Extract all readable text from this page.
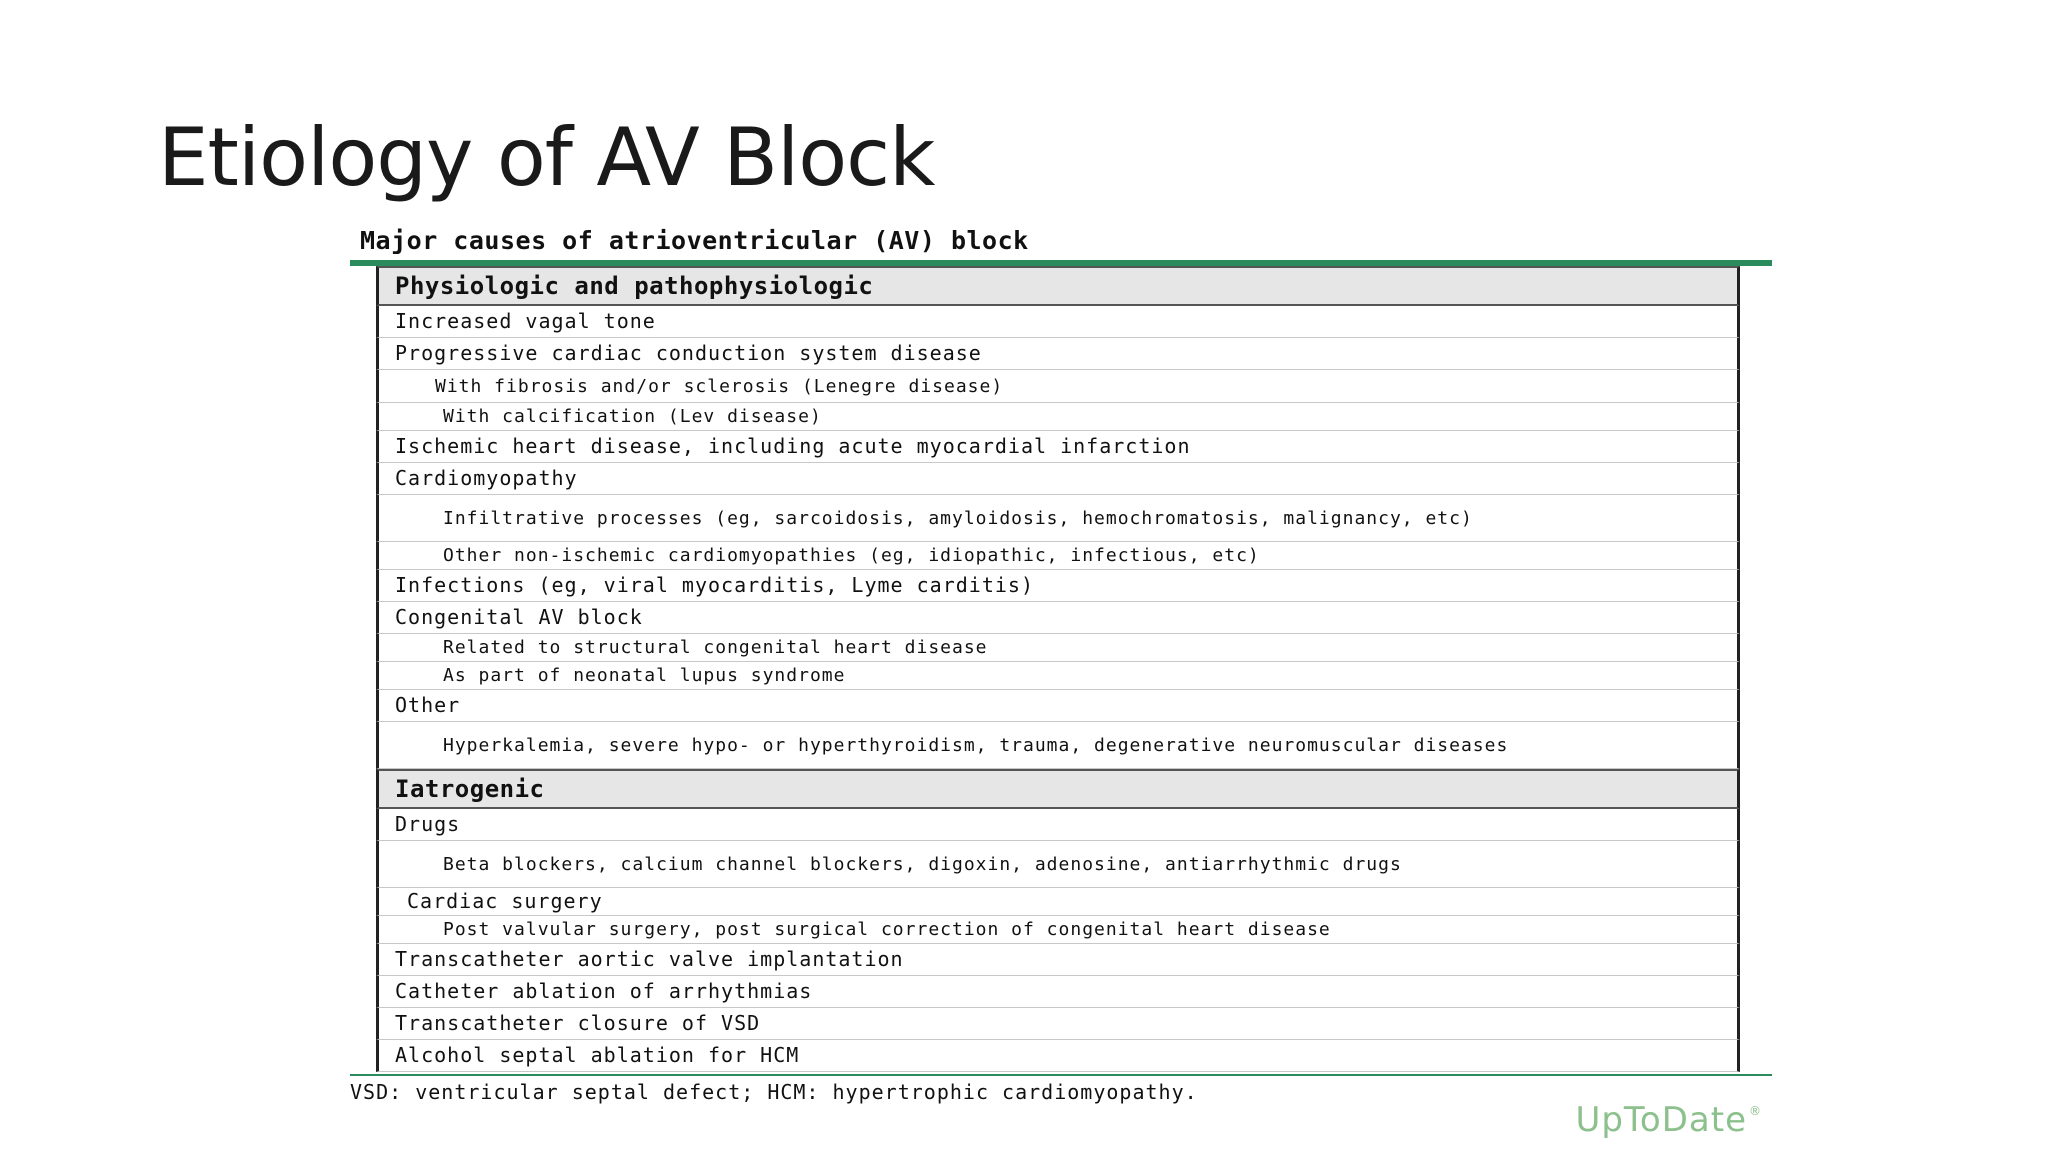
Etiology of AV Block
Major causes of atrioventricular (AV) block
Physiologic and pathophysiologic
Increased vagal tone
Progressive cardiac conduction system disease
With fibrosis and/or sclerosis (Lenegre disease)
With calcification (Lev disease)
Ischemic heart disease, including acute myocardial infarction
Cardiomyopathy
Infiltrative processes (eg, sarcoidosis, amyloidosis, hemochromatosis, malignancy, etc)
Other non-ischemic cardiomyopathies (eg, idiopathic, infectious, etc)
Infections (eg, viral myocarditis, Lyme carditis)
Congenital AV block
Related to structural congenital heart disease
As part of neonatal lupus syndrome
Other
Hyperkalemia, severe hypo- or hyperthyroidism, trauma, degenerative neuromuscular diseases
Iatrogenic
Drugs
Beta blockers, calcium channel blockers, digoxin, adenosine, antiarrhythmic drugs
Cardiac surgery
Post valvular surgery, post surgical correction of congenital heart disease
Transcatheter aortic valve implantation
Catheter ablation of arrhythmias
Transcatheter closure of VSD
Alcohol septal ablation for HCM
VSD: ventricular septal defect; HCM: hypertrophic cardiomyopathy.
UpToDate ®
